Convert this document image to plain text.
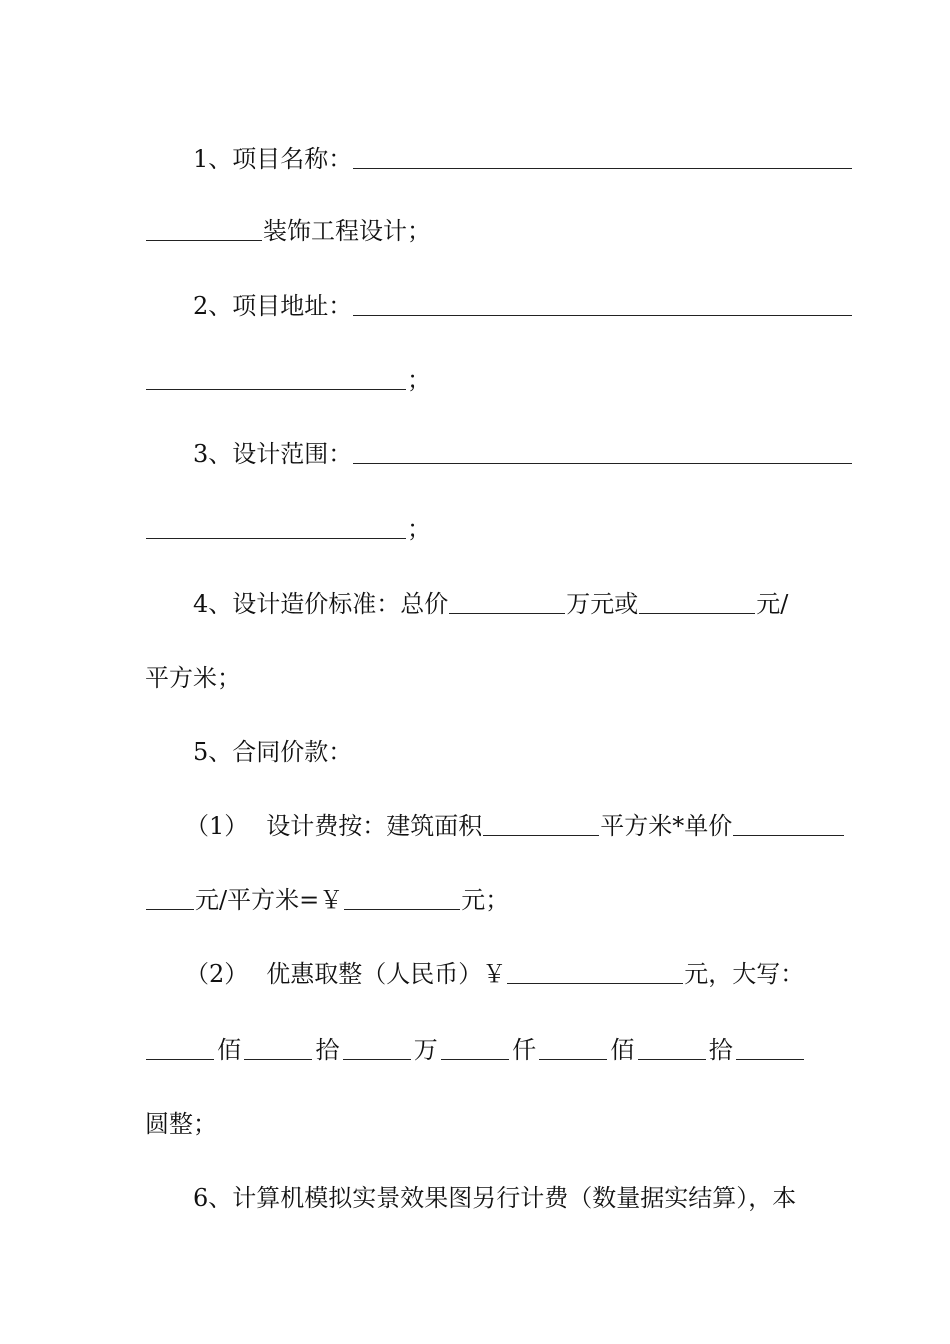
1、 项目名称：
装饰工程设计；
2、 项目地址：
；
3、 设计范围：
；
4、 设计造价标准：总价	万元或	元/
平方米；
5、 合同价款：
（1） 设计费按：建筑面积	平方米*单价
元/平方米=￥	元；
（2） 优惠取整（人民币）￥	元，大写：
佰	拾	万	仟	佰	拾
圆整；
6、 计算机模拟实景效果图另行计费（数量据实结算），本
